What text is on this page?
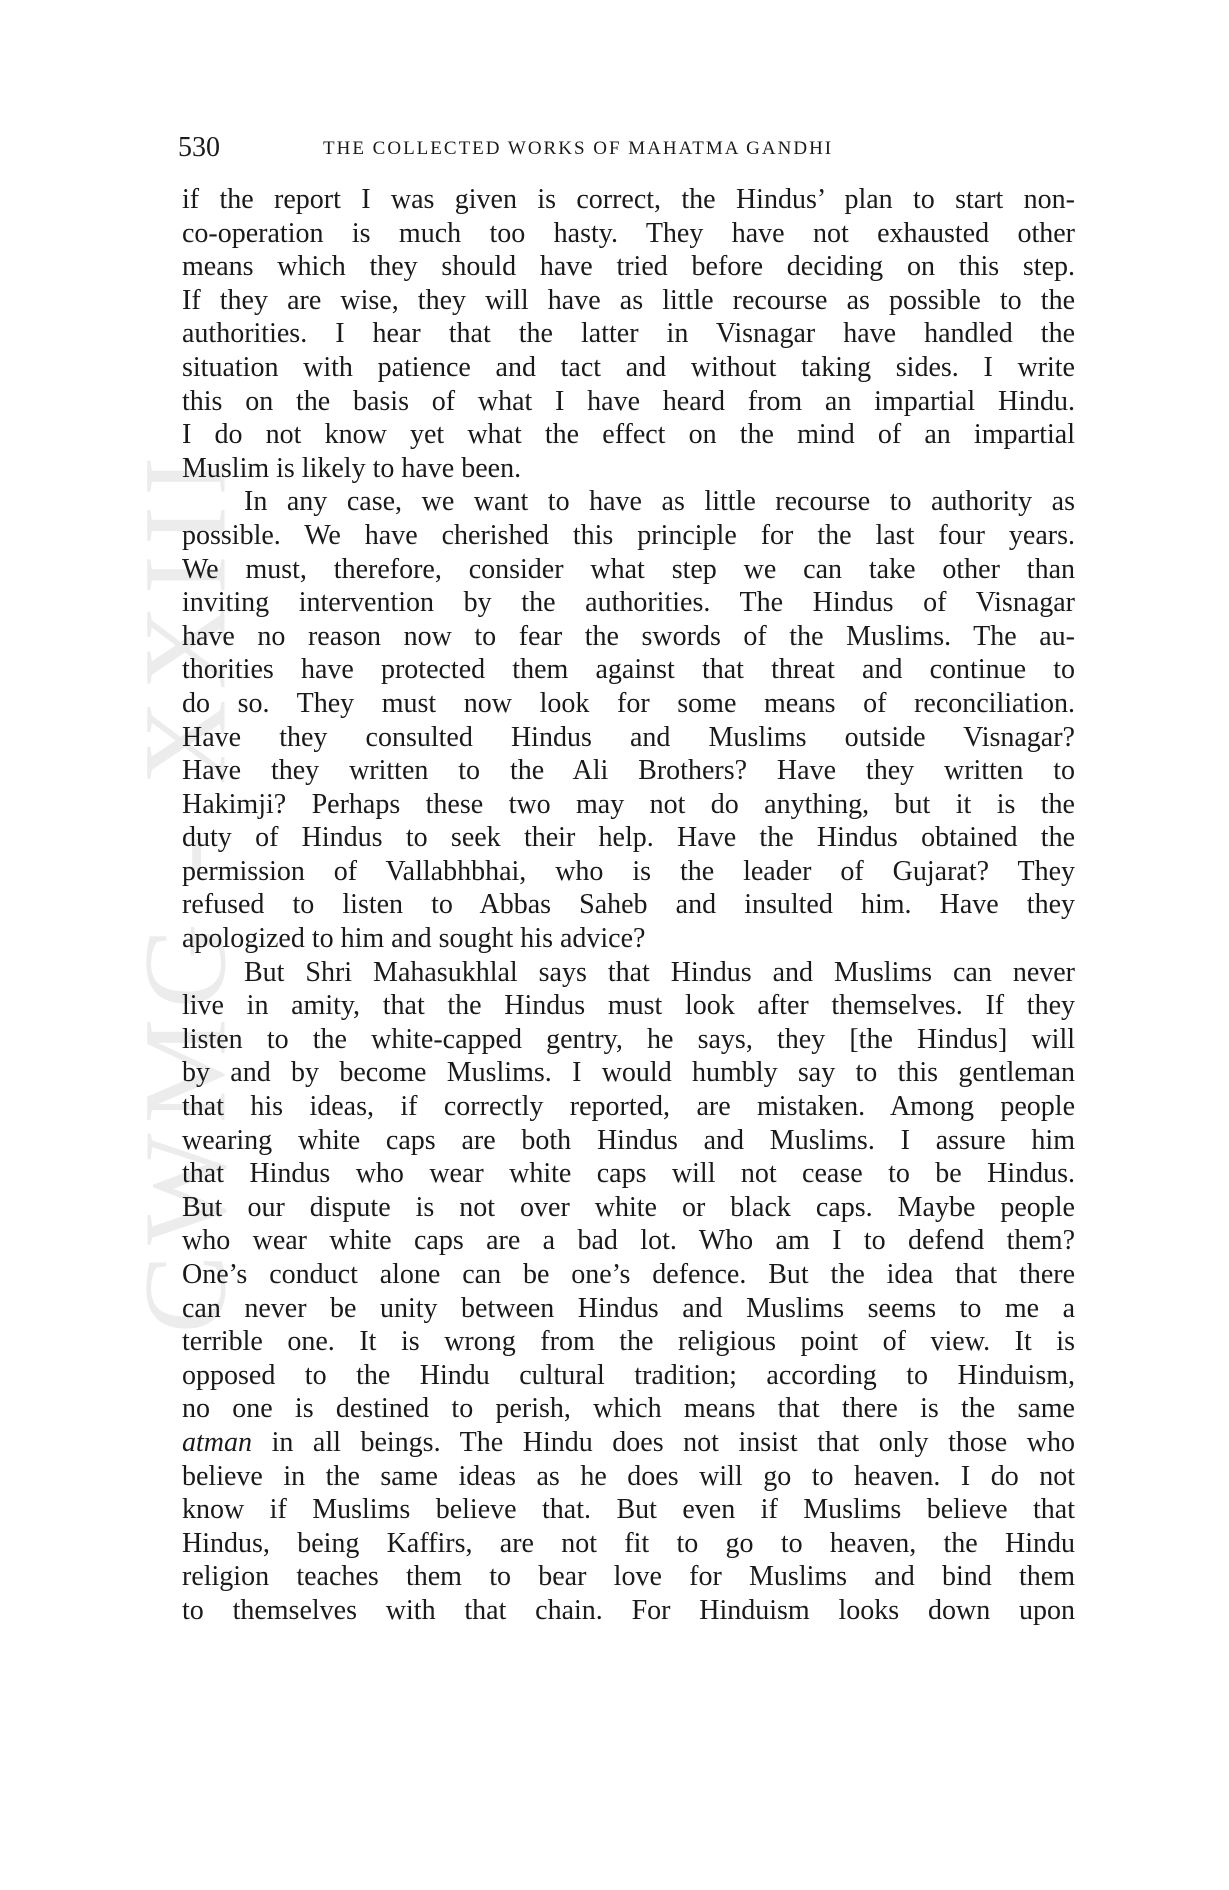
CWMG - XXIII
530	THE COLLECTED WORKS OF MAHATMA GANDHI
if the report I was given is correct, the Hindus’ plan to start non-
co-operation is much too hasty. They have not exhausted other
means which they should have tried before deciding on this step.
If they are wise, they will have as little recourse as possible to the
authorities. I hear that the latter in Visnagar have handled the
situation with patience and tact and without taking sides. I write
this on the basis of what I have heard from an impartial Hindu.
I do not know yet what the effect on the mind of an impartial
Muslim is likely to have been.
In any case, we want to have as little recourse to authority as
possible. We have cherished this principle for the last four years.
We must, therefore, consider what step we can take other than
inviting intervention by the authorities. The Hindus of Visnagar
have no reason now to fear the swords of the Muslims. The au-
thorities have protected them against that threat and continue to
do so. They must now look for some means of reconciliation.
Have they consulted Hindus and Muslims outside Visnagar?
Have they written to the Ali Brothers? Have they written to
Hakimji? Perhaps these two may not do anything, but it is the
duty of Hindus to seek their help. Have the Hindus obtained the
permission of Vallabhbhai, who is the leader of Gujarat? They
refused to listen to Abbas Saheb and insulted him. Have they
apologized to him and sought his advice?
But Shri Mahasukhlal says that Hindus and Muslims can never
live in amity, that the Hindus must look after themselves. If they
listen to the white-capped gentry, he says, they [the Hindus] will
by and by become Muslims. I would humbly say to this gentleman
that his ideas, if correctly reported, are mistaken. Among people
wearing white caps are both Hindus and Muslims. I assure him
that Hindus who wear white caps will not cease to be Hindus.
But our dispute is not over white or black caps. Maybe people
who wear white caps are a bad lot. Who am I to defend them?
One’s conduct alone can be one’s defence. But the idea that there
can never be unity between Hindus and Muslims seems to me a
terrible one. It is wrong from the religious point of view. It is
opposed to the Hindu cultural tradition; according to Hinduism,
no one is destined to perish, which means that there is the same
atman in all beings. The Hindu does not insist that only those who
believe in the same ideas as he does will go to heaven. I do not
know if Muslims believe that. But even if Muslims believe that
Hindus, being Kaffirs, are not fit to go to heaven, the Hindu
religion teaches them to bear love for Muslims and bind them
to themselves with that chain. For Hinduism looks down upon
